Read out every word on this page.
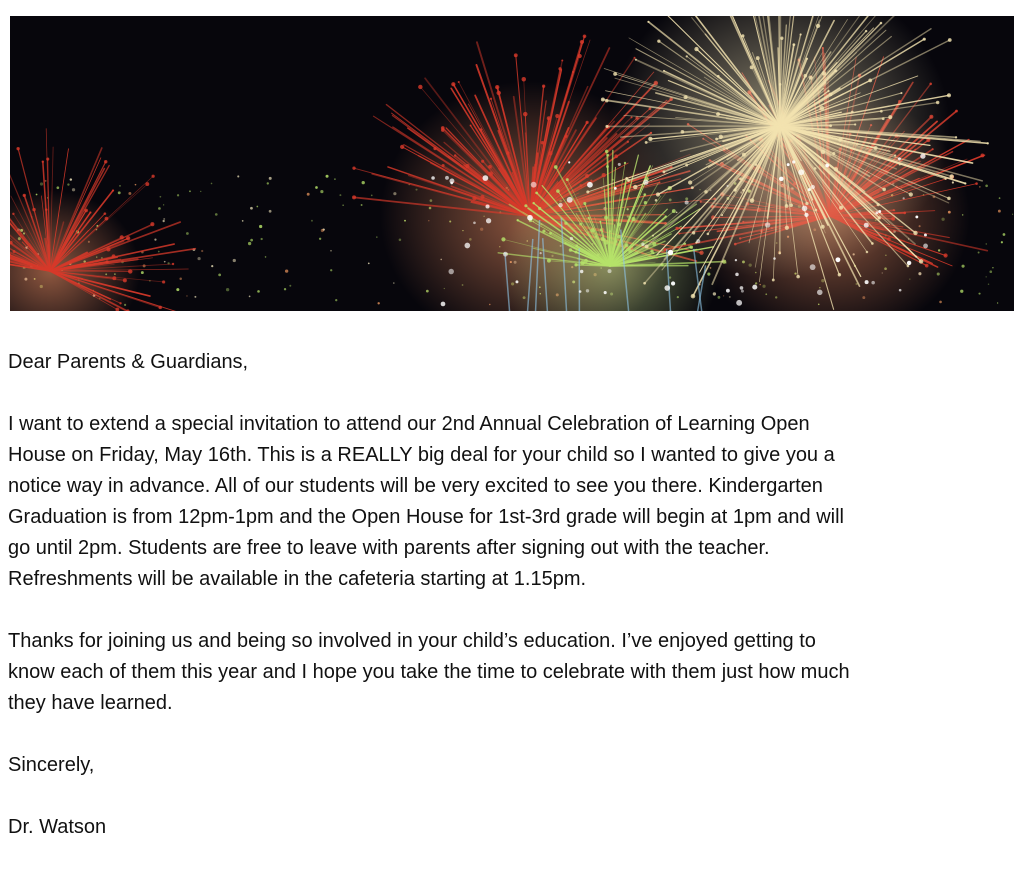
Dear Parents & Guardians,

I want to extend a special invitation to attend our 2nd Annual Celebration of Learning Open
House on Friday, May 16th. This is a REALLY big deal for your child so I wanted to give you a
notice way in advance. All of our students will be very excited to see you there. Kindergarten
Graduation is from 12pm-1pm and the Open House for 1st-3rd grade will begin at 1pm and will
go until 2pm. Students are free to leave with parents after signing out with the teacher.
Refreshments will be available in the cafeteria starting at 1.15pm.

Thanks for joining us and being so involved in your child’s education. I’ve enjoyed getting to
know each of them this year and I hope you take the time to celebrate with them just how much
they have learned.

Sincerely,

Dr. Watson
